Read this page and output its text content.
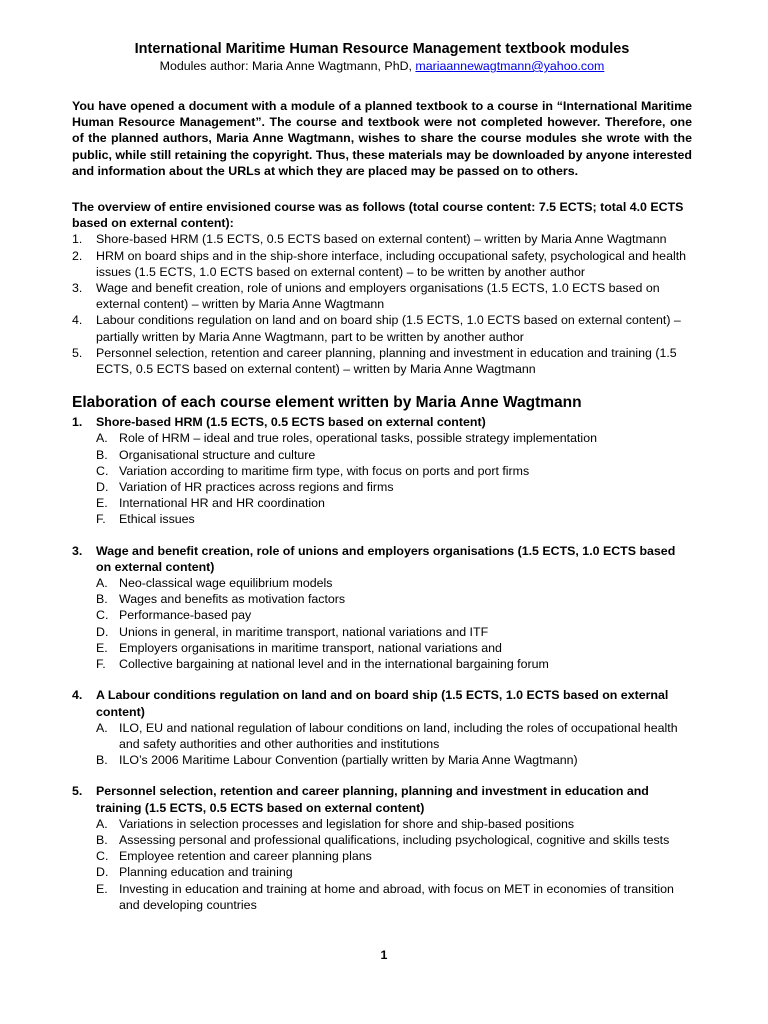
International Maritime Human Resource Management textbook modules

Modules author: Maria Anne Wagtmann, PhD, mariaannewagtmann@yahoo.com

You have opened a document with a module of a planned textbook to a course in “International Maritime Human Resource Management”. The course and textbook were not completed however. Therefore, one of the planned authors, Maria Anne Wagtmann, wishes to share the course modules she wrote with the public, while still retaining the copyright. Thus, these materials may be downloaded by anyone interested and information about the URLs at which they are placed may be passed on to others.

The overview of entire envisioned course was as follows (total course content: 7.5 ECTS; total 4.0 ECTS based on external content):

1. Shore-based HRM (1.5 ECTS, 0.5 ECTS based on external content) – written by Maria Anne Wagtmann
2. HRM on board ships and in the ship-shore interface, including occupational safety, psychological and health issues (1.5 ECTS, 1.0 ECTS based on external content) – to be written by another author
3. Wage and benefit creation, role of unions and employers organisations (1.5 ECTS, 1.0 ECTS based on external content) – written by Maria Anne Wagtmann
4. Labour conditions regulation on land and on board ship (1.5 ECTS, 1.0 ECTS based on external content) – partially written by Maria Anne Wagtmann, part to be written by another author
5. Personnel selection, retention and career planning, planning and investment in education and training (1.5 ECTS, 0.5 ECTS based on external content) – written by Maria Anne Wagtmann

Elaboration of each course element written by Maria Anne Wagtmann

1. Shore-based HRM (1.5 ECTS, 0.5 ECTS based on external content)
A. Role of HRM – ideal and true roles, operational tasks, possible strategy implementation
B. Organisational structure and culture
C. Variation according to maritime firm type, with focus on ports and port firms
D. Variation of HR practices across regions and firms
E. International HR and HR coordination
F. Ethical issues
3. Wage and benefit creation, role of unions and employers organisations (1.5 ECTS, 1.0 ECTS based on external content)
A. Neo-classical wage equilibrium models
B. Wages and benefits as motivation factors
C. Performance-based pay
D. Unions in general, in maritime transport, national variations and ITF
E. Employers organisations in maritime transport, national variations and
F. Collective bargaining at national level and in the international bargaining forum
4. A Labour conditions regulation on land and on board ship (1.5 ECTS, 1.0 ECTS based on external content)
A. ILO, EU and national regulation of labour conditions on land, including the roles of occupational health and safety authorities and other authorities and institutions
B. ILO’s 2006 Maritime Labour Convention (partially written by Maria Anne Wagtmann)
5. Personnel selection, retention and career planning, planning and investment in education and training (1.5 ECTS, 0.5 ECTS based on external content)
A. Variations in selection processes and legislation for shore and ship-based positions
B. Assessing personal and professional qualifications, including psychological, cognitive and skills tests
C. Employee retention and career planning plans
D. Planning education and training
E. Investing in education and training at home and abroad, with focus on MET in economies of transition and developing countries
1
